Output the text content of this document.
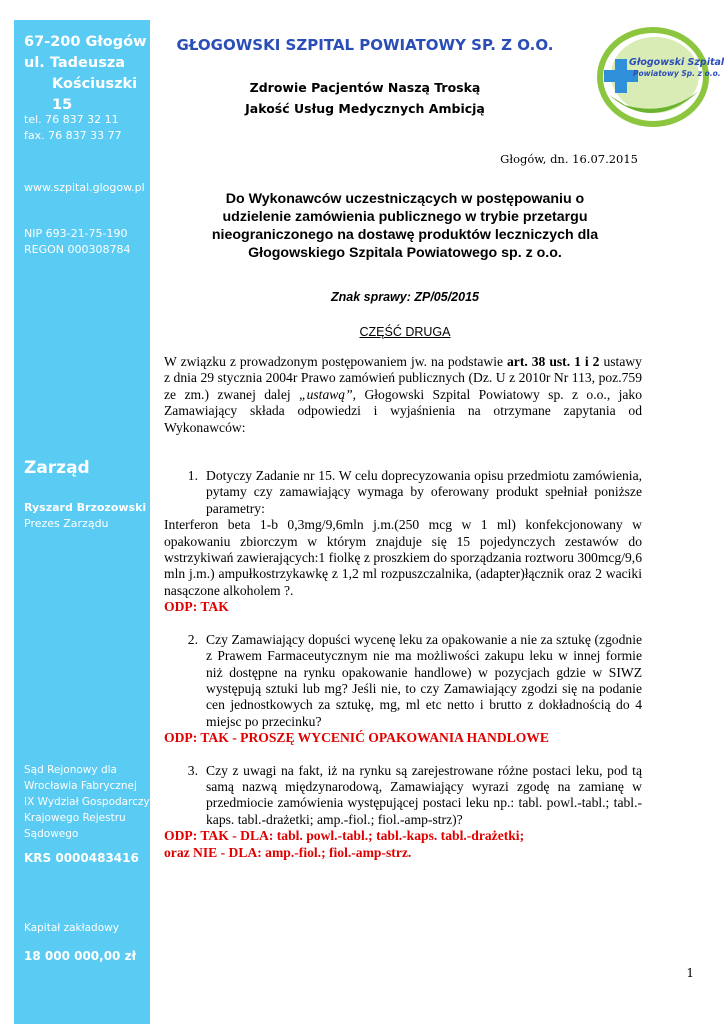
67-200 Głogów
ul. Tadeusza
Kościuszki 15
tel. 76 837 32 11
fax. 76 837 33 77
www.szpital.glogow.pl
NIP 693-21-75-190
REGON 000308784
Zarząd
Ryszard Brzozowski
Prezes Zarządu
Sąd Rejonowy dla
Wrocławia Fabrycznej
IX Wydział Gospodarczy
Krajowego Rejestru
Sądowego
KRS 0000483416
Kapitał zakładowy
18 000 000,00 zł
GŁOGOWSKI SZPITAL POWIATOWY SP. Z O.O.
Zdrowie Pacjentów Naszą Troską
Jakość Usług Medycznych Ambicją
Głogowski Szpital
Powiatowy Sp. z o.o.
Głogów, dn. 16.07.2015
Do Wykonawców uczestniczących w postępowaniu o
udzielenie zamówienia publicznego w trybie przetargu
nieograniczonego na dostawę produktów leczniczych dla
Głogowskiego Szpitala Powiatowego sp. z o.o.
Znak sprawy: ZP/05/2015
CZĘŚĆ DRUGA

W związku z prowadzonym postępowaniem jw. na podstawie art. 38 ust. 1 i 2 ustawy z dnia 29 stycznia 2004r Prawo zamówień publicznych (Dz. U z 2010r Nr 113, poz.759 ze zm.) zwanej dalej „ustawą”, Głogowski Szpital Powiatowy sp. z o.o., jako Zamawiający składa odpowiedzi i wyjaśnienia na otrzymane zapytania od Wykonawców:

1. Dotyczy Zadanie nr 15. W celu doprecyzowania opisu przedmiotu zamówienia, pytamy czy zamawiający wymaga by oferowany produkt spełniał poniższe parametry:
Interferon beta 1-b 0,3mg/9,6mln j.m.(250 mcg w 1 ml) konfekcjonowany w opakowaniu zbiorczym w którym znajduje się 15 pojedynczych zestawów do wstrzykiwań zawierających:1 fiolkę z proszkiem do sporządzania roztworu 300mcg/9,6 mln j.m.) ampułkostrzykawkę z 1,2 ml rozpuszczalnika, (adapter)łącznik oraz 2 waciki nasączone alkoholem ?.
ODP: TAK
2. Czy Zamawiający dopuści wycenę leku za opakowanie a nie za sztukę (zgodnie z Prawem Farmaceutycznym nie ma możliwości zakupu leku w innej formie niż dostępne na rynku opakowanie handlowe) w pozycjach gdzie w SIWZ występują sztuki lub mg? Jeśli nie, to czy Zamawiający zgodzi się na podanie cen jednostkowych za sztukę, mg, ml etc netto i brutto z dokładnością do 4 miejsc po przecinku?
ODP: TAK - PROSZĘ WYCENIĆ OPAKOWANIA HANDLOWE
3. Czy z uwagi na fakt, iż na rynku są zarejestrowane różne postaci leku, pod tą samą nazwą międzynarodową, Zamawiający wyrazi zgodę na zamianę w przedmiocie zamówienia występującej postaci leku np.: tabl. powl.-tabl.; tabl.-kaps. tabl.-drażetki; amp.-fiol.; fiol.-amp-strz)?
ODP: TAK - DLA: tabl. powl.-tabl.; tabl.-kaps. tabl.-drażetki;
oraz NIE - DLA: amp.-fiol.; fiol.-amp-strz.
1
